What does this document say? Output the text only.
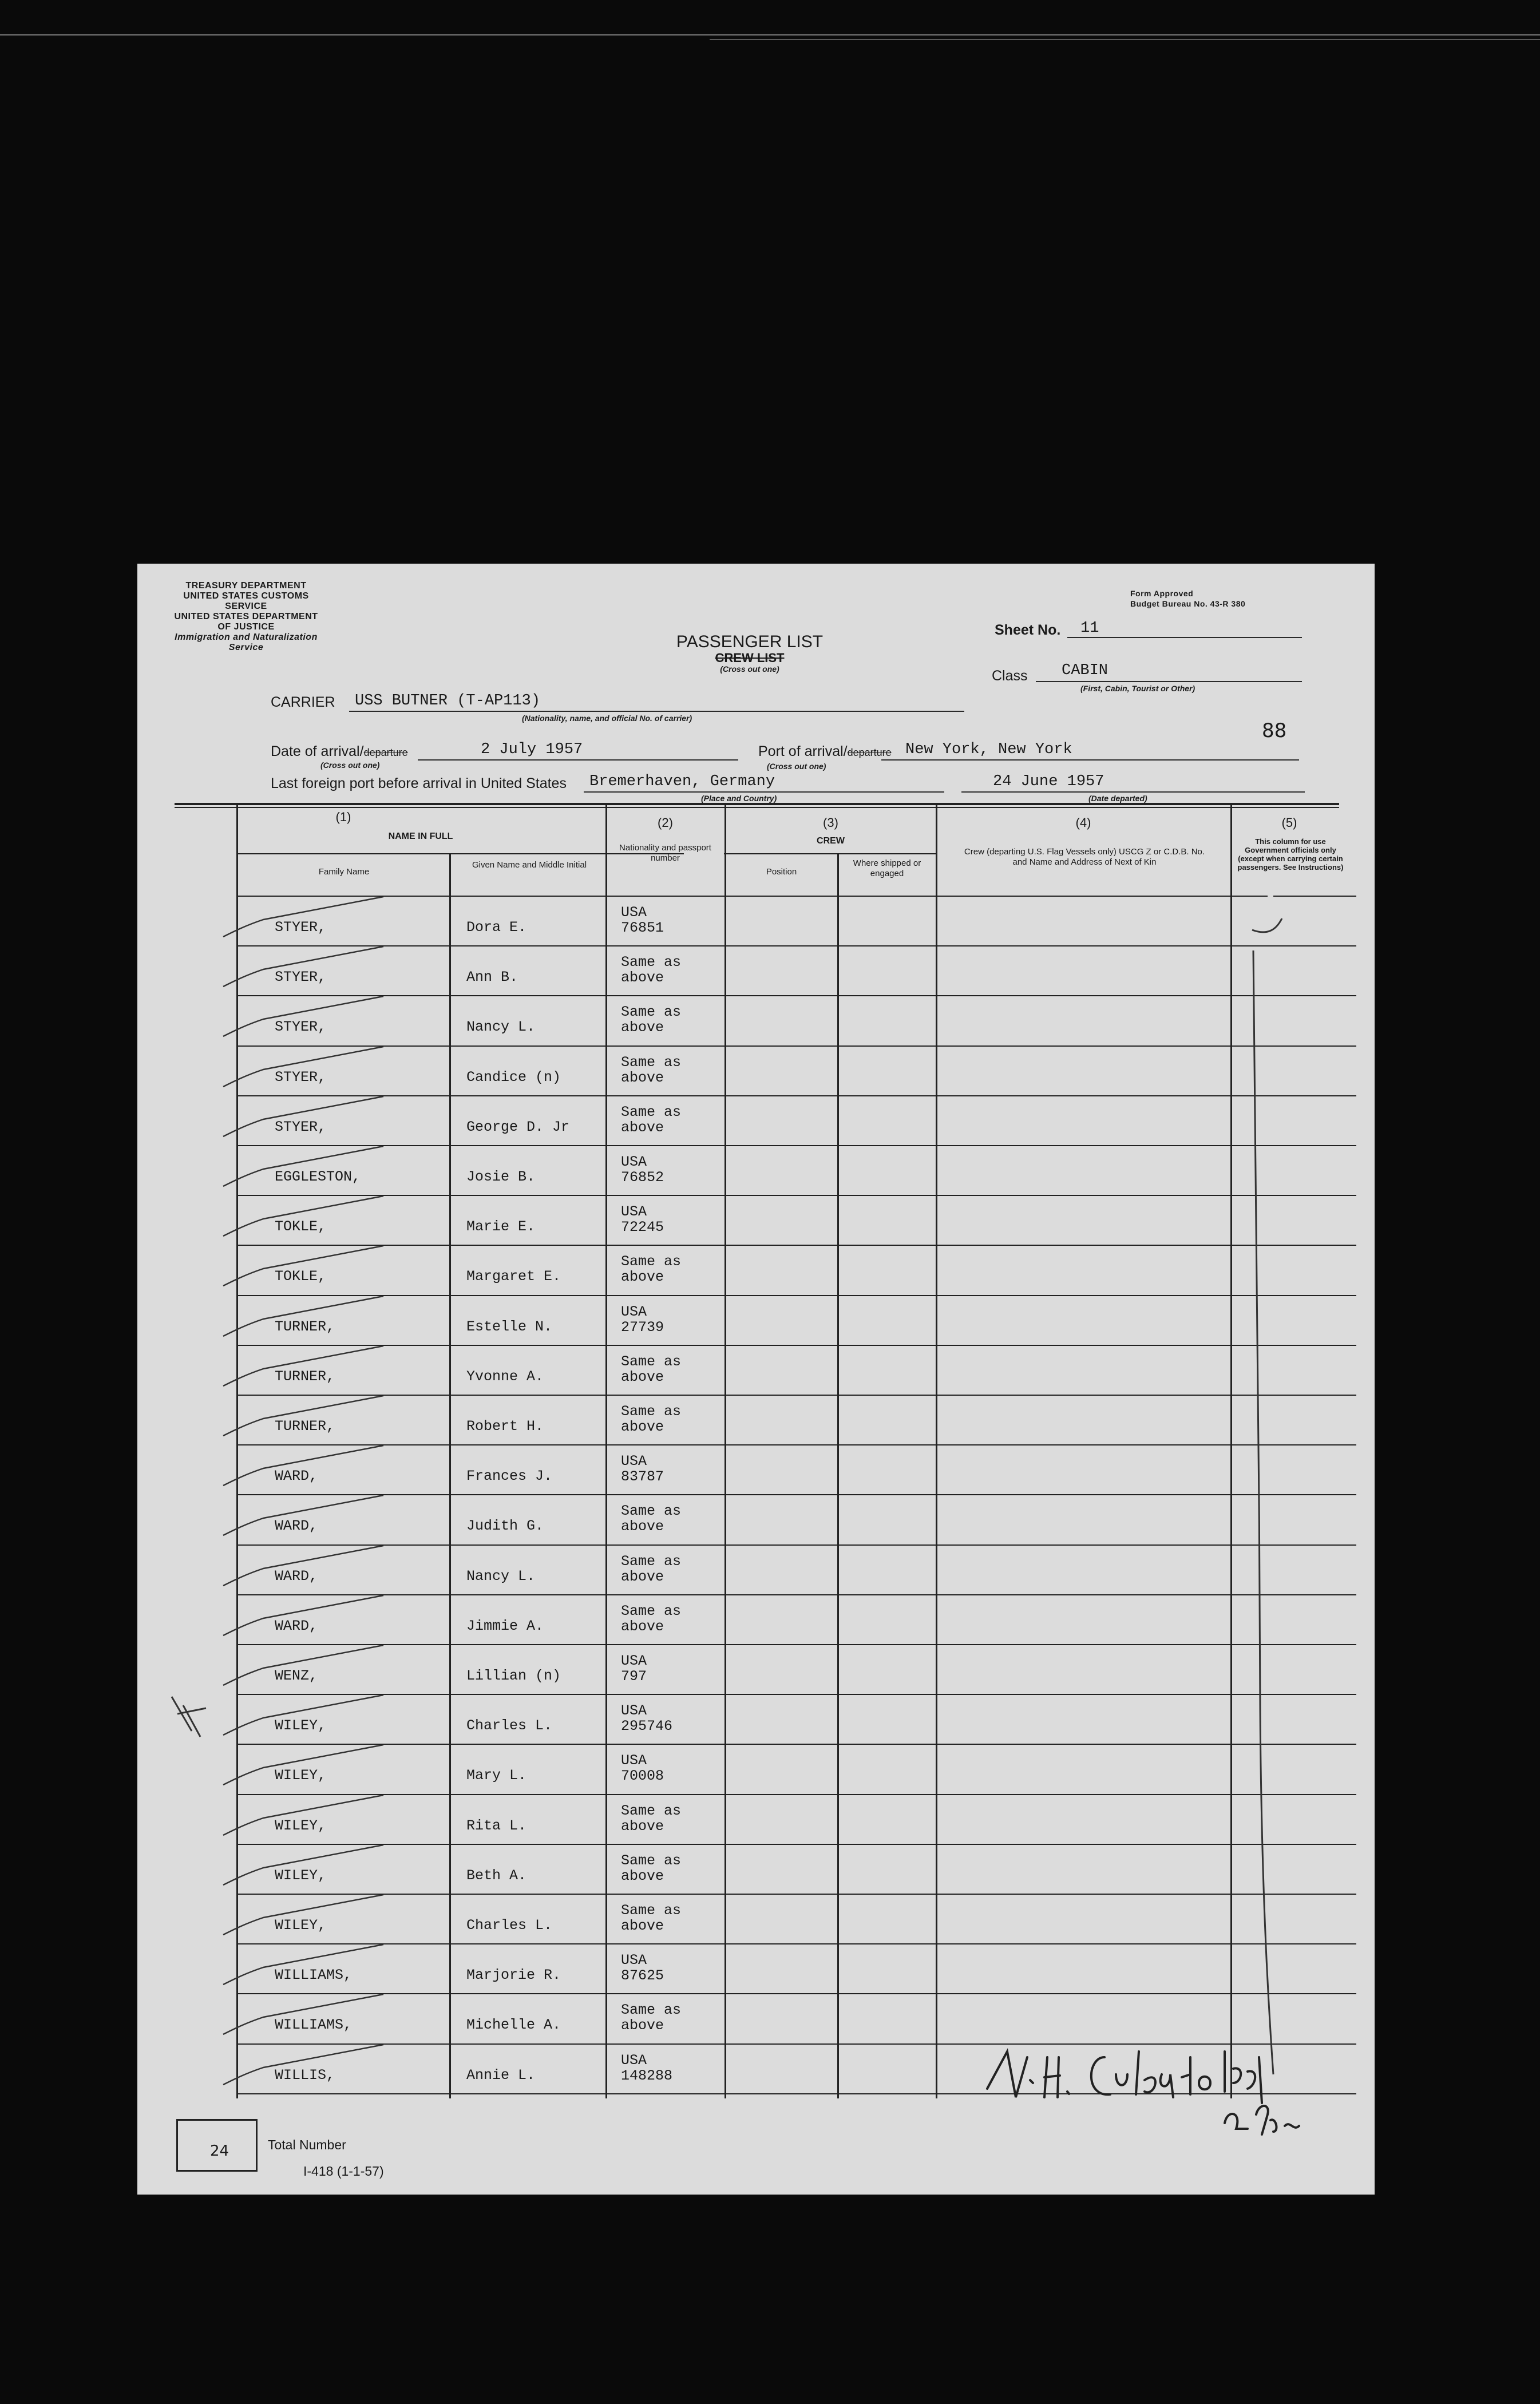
TREASURY DEPARTMENT
UNITED STATES CUSTOMS SERVICE
UNITED STATES DEPARTMENT OF JUSTICE
Immigration and Naturalization Service
Form Approved
Budget Bureau No. 43-R 380
PASSENGER LIST
CREW LIST
(Cross out one)
Sheet No. 11
Class CABIN
(First, Cabin, Tourist or Other)
CARRIER USS BUTNER (T-AP113)
(Nationality, name, and official No. of carrier)
88
Date of arrival/departure	2 July 1957
(Cross out one)
Port of arrival/departure New York, New York
(Cross out one)
Last foreign port before arrival in United States Bremerhaven, Germany
(Place and Country)
24 June 1957
(Date departed)
(1)
NAME IN FULL
Family Name
Given Name and Middle Initial
(2)
Nationality and passport number
(3)
CREW
Position
Where shipped or engaged
(4)
Crew (departing U.S. Flag Vessels only) USCG Z or C.D.B. No. and Name and Address of Next of Kin
(5)
This column for use Government officials only (except when carrying certain passengers. See Instructions)
STYER,	Dora E.
USA
76851
STYER,	Ann B.
Same as
above
STYER,	Nancy L.
Same as
above
STYER,	Candice (n)
Same as
above
STYER,	George D. Jr
Same as
above
EGGLESTON,	Josie B.
USA
76852
TOKLE,	Marie E.
USA
72245
TOKLE,	Margaret E.
Same as
above
TURNER,	Estelle N.
USA
27739
TURNER,	Yvonne A.
Same as
above
TURNER,	Robert H.
Same as
above
WARD,	Frances J.
USA
83787
WARD,	Judith G.
Same as
above
WARD,	Nancy L.
Same as
above
WARD,	Jimmie A.
Same as
above
WENZ,	Lillian (n)
USA
797
WILEY,	Charles L.
USA
295746
WILEY,	Mary L.
USA
70008
WILEY,	Rita L.
Same as
above
WILEY,	Beth A.
Same as
above
WILEY,	Charles L.
Same as
above
WILLIAMS,	Marjorie R.
USA
87625
WILLIAMS,	Michelle A.
Same as
above
WILLIS,	Annie L.
USA
148288
24	Total Number
I-418 (1-1-57)
